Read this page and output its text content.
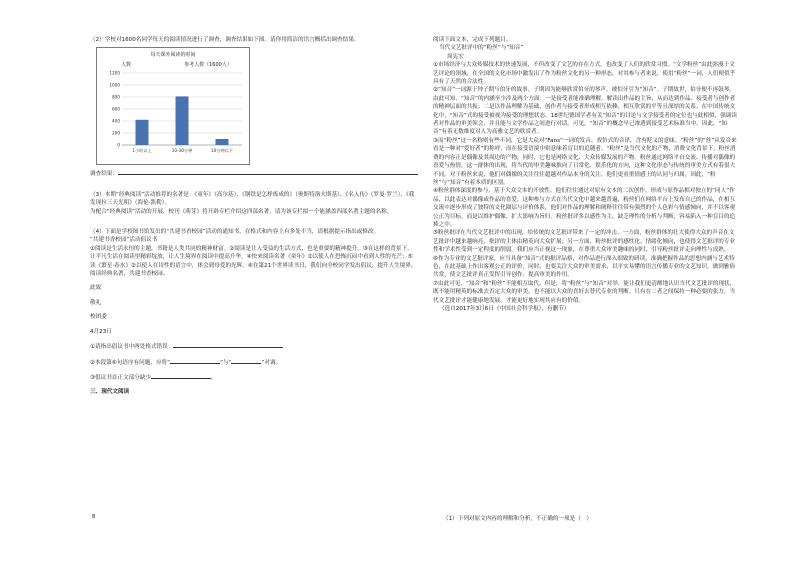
（2）学校对1600名同学每天的阅读情况进行了调查，调查结果如下图。请你用简洁的语言概括出调查结果。

每天课外阅读的时间
人数	参考人数（1600人）
0
200
400
600
800
1000
1200
1小时以上	10-30分钟	10分钟以下

调查结果：

（3）本期“经典阅读”活动推荐的名著是：《童年》（高尔基）、《钢铁是怎样炼成的》（奥斯特洛夫斯基）、《名人传》（罗曼·罗兰）、《我发现拉三天光明》（海伦·凯勒）。

为配合“经典阅读”活动的开展，校刊《萌芽》将开辟专栏介绍这四部名著，请为该专栏拟一个能涵盖四部名著主题的名称。

（4）下面是学校图书馆发出的“共建书香校园”活动的通知书，在格式和内容上有多处不当，请根据提示指出或修改。

“共建书香校园”活动倡议书

①阅读是生活永恒的主题，书籍是人类共同的精神财富。②阅读是让人受益的生活方式，也是重要的精神提升。③在这样的背景下，让平凡生活在阅读里精彩绽放，让人生境界在阅读中提高升华。④快来阅读名著《童年》②以使人在恐怖沉闷中看到人性的光芒；⑤读《繁星·春水》②以使人在诗性的语言中，体会到母爱的光辉。⑥在第21个世界读书日，我们向全校同学发出倡议，提升人生境界，阅读经典名著，共建书香校园。

此致

敬礼

校团委

4月23日

①请指出倡议书中两处格式错误：

②本段第⑥句语序有问题，应将“	”与“	”对调。

③倡议书首正文部分缺少	。

三、现代文阅读

8

阅读下面文本，完成下列题目。

当代文艺批评中的“粉丝”与“知音”

周宪宏

①市场经济与大众传媒技术的快速发展，不但改变了文艺的存在方式，也改变了人们的欣赏习惯。“文学粉丝”由此弥漫于文艺评论的领域，在全国的文化市场中激发出了作为粉丝文化的另一种形态，对其参与者来说，使用“粉丝”一词，人们便似乎具有了天然的合法性。

②“知音”一词源于钟子期与伯牙的故事。子期因为能够欣赏伯牙的琴声，被伯牙引为“知音”。子期故世，伯牙便不再鼓琴。由此可知，“知音”的内涵至少涉及两个方面：一是接受者能准确理解、解读出作品的主旨，从而达到作品、接受者与创作者的精神层面的共振；二是以作品理解为基础，创作者与接受者形成相互依赖、相互欣赏的平等且深厚的关系。在中国传统文化中，“知音”式的接受被视为接受的理想状态。18世纪德国学者有关“知音”的讨论与文学接受者的定位也与此相似，强调读者对作品的审美领会，并且能与文学作品之间进行对话。可见，“知音”的概念早已渗透到接受艺术标准当中。因此，“知音”有着无数维度对人为高雅文艺的欣赏者。

③而“粉丝”这一名称则有些不同，它是大众对“Fans”一词的发音、戏仿式的音译，含有贬义的意味。“粉丝”的“丝”从发音来看是一种对“爱好者”的称呼，而在接受语境中则意味着盲目的追随者。“粉丝”是当代文化的产物，消费文化背景下，粉丝消费的内容正是偶像及其周边的产物，同时，它也是网络文化、大众传媒发展的产物。粉丝通过网络平台交流、传播对偶像的喜爱与热情，这一群体的出现，将当代的审美趣味推向了日常化、娱乐化的方向，这种文化形态与传统的审美方式有着很大不同。对于粉丝来说，他们对偶像的关注往往超越对作品本身的关注，他们更看重情感上的认同与归属。因此，“粉丝”与“知音”有着本质的区别。

④粉丝群体深度的参与，基于大众文本的开放性，他们往往通过对原有文本的二次创作，形成与原作品相对独立的“同人”作品，以此表达对偶像或作品的喜爱。这种参与方式在当代文化中越来越普遍，粉丝们在网络平台上发布自己的作品，在相互交流中逐步形成了独特的文化圈层与评价体系，他们对作品的理解和阐释往往带有强烈的个人色彩与情感倾向，并不以客观公正为目标，而是以维护偶像、扩大影响为旨归。粉丝批评多以感性为主，缺乏理性的分析与判断，容易陷入一种盲目的追捧之中。

⑤粉丝批评在当代文艺批评中的出现，给传统的文艺批评带来了一定的冲击。一方面，粉丝群体的壮大使得大众的声音在文艺批评中越来越响亮，批评的主体由精英向大众扩展；另一方面，粉丝批评的感性化、情绪化倾向，也使得文艺批评的专业性和学术性受到一定程度的削弱。我们应当正视这一现象，在尊重大众审美趣味的同时，引导粉丝批评走向理性与成熟。

⑥作为专业的文艺批评家，应当具备“知音”式的批评品格，对作品进行深入细致的研读，准确把握作品的思想内涵与艺术特色，在此基础上作出客观公正的评价，同时，也要关注大众的审美需求，以平实易懂的语言传播专业的文艺知识，做到雅俗共赏，使文艺批评真正发挥引导创作、提高审美的作用。

⑦由此可见，“知音”和“粉丝”不能相互取代。但是，将“粉丝”与“知音”对举，能让我们更清醒地认识当代文艺批评的现状，既不能用精英的标准去否定大众的审美，也不能以大众的喜好去替代专业的判断。只有在二者之间保持一种必要的张力，当代文艺批评才能健康地发展，才能更好地实现其应有的价值。

（选自2017年3月6日《中国社会科学报》，有删节）

（1）下列对原文内容的理解和分析，不正确的一项是（　）
